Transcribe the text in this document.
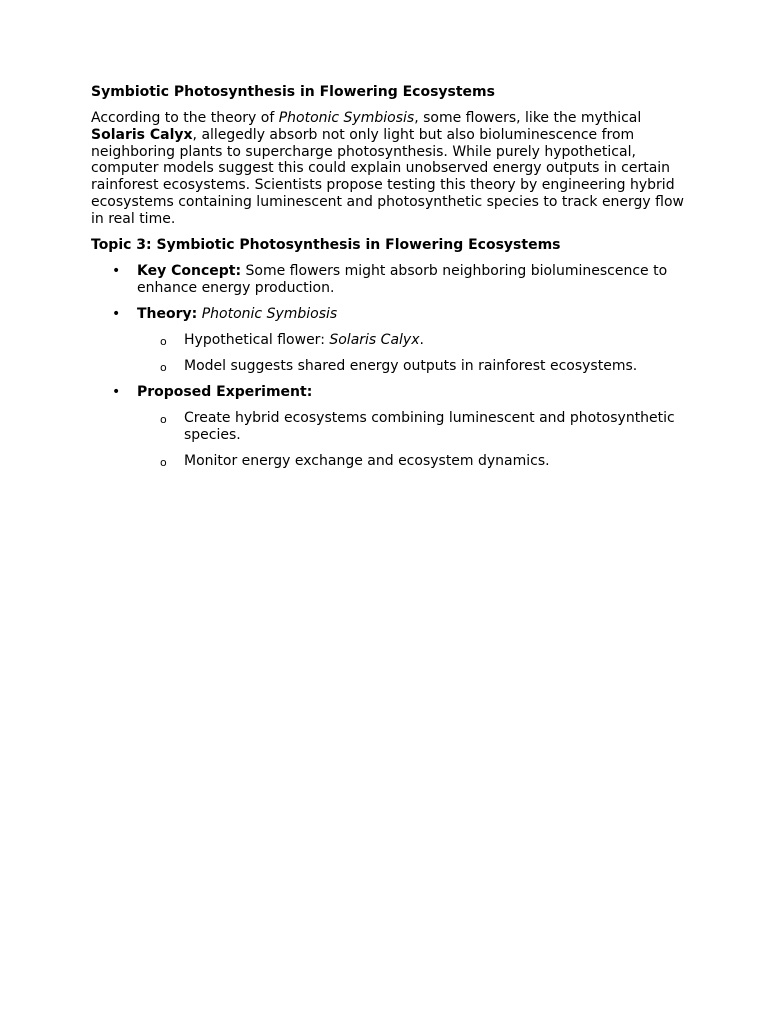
Symbiotic Photosynthesis in Flowering Ecosystems
According to the theory of Photonic Symbiosis, some flowers, like the mythical
Solaris Calyx, allegedly absorb not only light but also bioluminescence from neighboring plants to supercharge photosynthesis. While purely hypothetical, computer models suggest this could explain unobserved energy outputs in certain rainforest ecosystems. Scientists propose testing this theory by engineering hybrid ecosystems containing luminescent and photosynthetic species to track energy flow in real time.
Topic 3: Symbiotic Photosynthesis in Flowering Ecosystems
• Key Concept: Some flowers might absorb neighboring bioluminescence to enhance energy production.
• Theory: Photonic Symbiosis
o Hypothetical flower: Solaris Calyx.
o Model suggests shared energy outputs in rainforest ecosystems.
• Proposed Experiment:
o Create hybrid ecosystems combining luminescent and photosynthetic species.
o Monitor energy exchange and ecosystem dynamics.
